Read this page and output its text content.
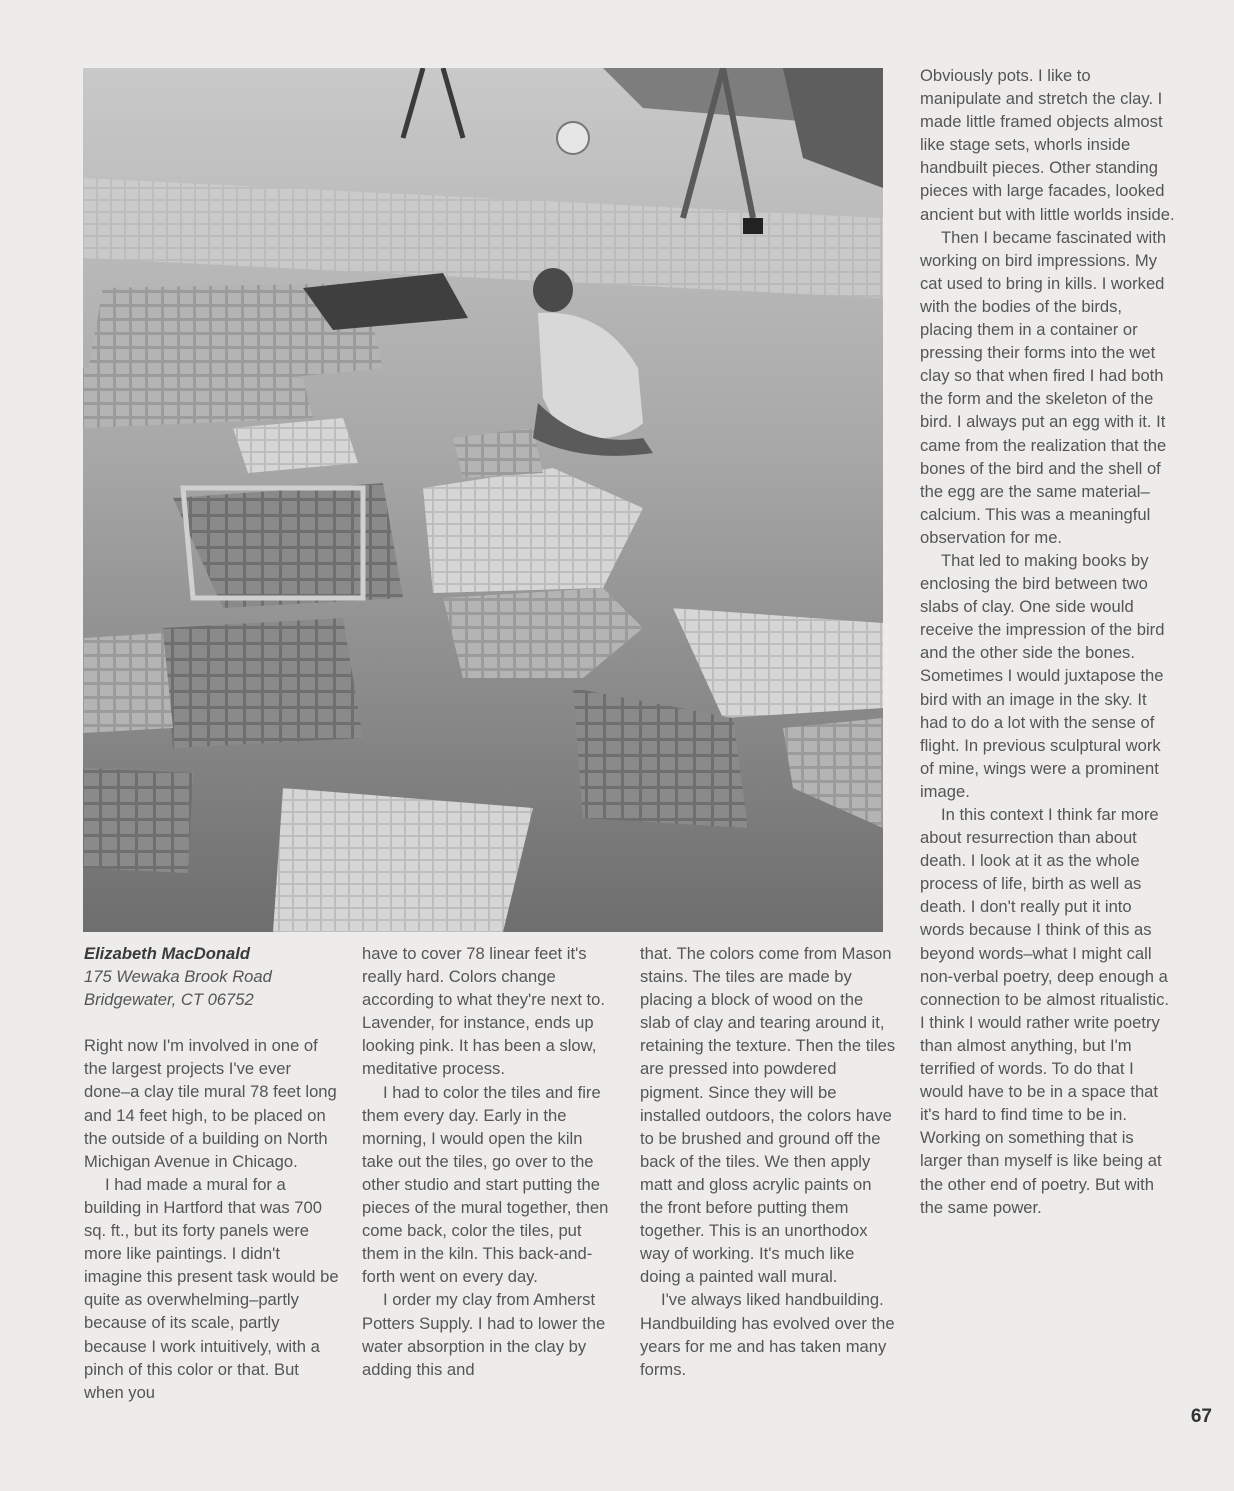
Elizabeth MacDonald

175 Wewaka Brook Road

Bridgewater, CT 06752

Right now I'm involved in one of the largest projects I've ever done–a clay tile mural 78 feet long and 14 feet high, to be placed on the outside of a building on North Michigan Avenue in Chicago.

I had made a mural for a building in Hartford that was 700 sq. ft., but its forty panels were more like paintings. I didn't imagine this present task would be quite as overwhelming–partly because of its scale, partly because I work intuitively, with a pinch of this color or that. But when you

have to cover 78 linear feet it's really hard. Colors change according to what they're next to. Lavender, for instance, ends up looking pink. It has been a slow, meditative process.

I had to color the tiles and fire them every day. Early in the morning, I would open the kiln take out the tiles, go over to the other studio and start putting the pieces of the mural together, then come back, color the tiles, put them in the kiln. This back-and-forth went on every day.

I order my clay from Amherst Potters Supply. I had to lower the water absorption in the clay by adding this and

that. The colors come from Mason stains. The tiles are made by placing a block of wood on the slab of clay and tearing around it, retaining the texture. Then the tiles are pressed into powdered pigment. Since they will be installed outdoors, the colors have to be brushed and ground off the back of the tiles. We then apply matt and gloss acrylic paints on the front before putting them together. This is an unorthodox way of working. It's much like doing a painted wall mural.

I've always liked handbuilding. Handbuilding has evolved over the years for me and has taken many forms.

Obviously pots. I like to manipulate and stretch the clay. I made little framed objects almost like stage sets, whorls inside handbuilt pieces. Other standing pieces with large facades, looked ancient but with little worlds inside.

Then I became fascinated with working on bird impressions. My cat used to bring in kills. I worked with the bodies of the birds, placing them in a container or pressing their forms into the wet clay so that when fired I had both the form and the skeleton of the bird. I always put an egg with it. It came from the realization that the bones of the bird and the shell of the egg are the same material–calcium. This was a meaningful observation for me.

That led to making books by enclosing the bird between two slabs of clay. One side would receive the impression of the bird and the other side the bones. Sometimes I would juxtapose the bird with an image in the sky. It had to do a lot with the sense of flight. In previous sculptural work of mine, wings were a prominent image.

In this context I think far more about resurrection than about death. I look at it as the whole process of life, birth as well as death. I don't really put it into words because I think of this as beyond words–what I might call non-verbal poetry, deep enough a connection to be almost ritualistic. I think I would rather write poetry than almost anything, but I'm terrified of words. To do that I would have to be in a space that it's hard to find time to be in. Working on something that is larger than myself is like being at the other end of poetry. But with the same power.

67
